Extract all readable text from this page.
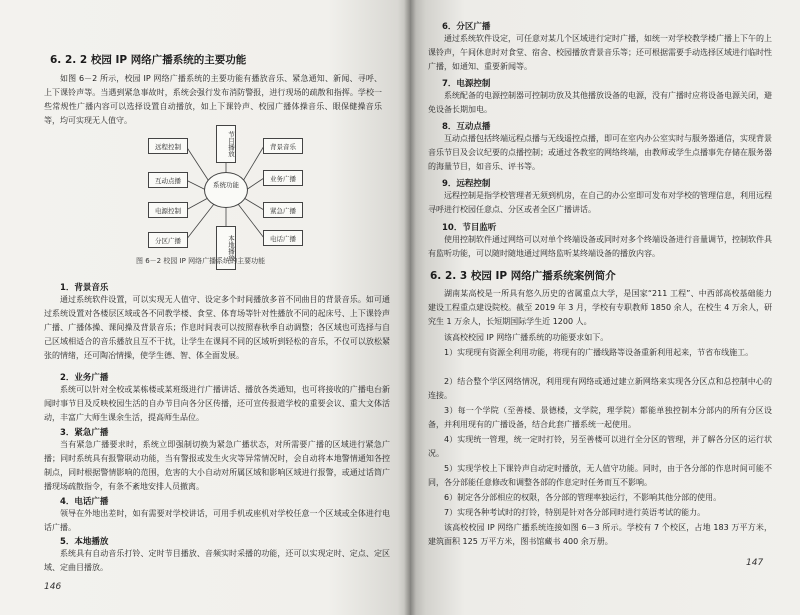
6. 2. 2 校园 IP 网络广播系统的主要功能
如图 6－2 所示，校园 IP 网络广播系统的主要功能有播放音乐、紧急通知、新闻、寻呼、上下课铃声等。当遇到紧急事故时，系统会强行发布消防警报，进行现场的疏散和指挥。学校一些常规性广播内容可以选择设置自动播放，如上下课铃声、校园广播体操音乐、眼保健操音乐等，均可实现无人值守。
系统功能
节目播放
本地播放
远程控制
互动点播
电源控制
分区广播
背景音乐
业务广播
紧急广播
电话广播
图 6－2 校园 IP 网络广播系统的主要功能
1．背景音乐
通过系统软件设置，可以实现无人值守、设定多个时间播放多首不同曲目的背景音乐。如可通过系统设置对各楼层区域或各不同教学楼、食堂、体育场等针对性播放不同的起床号、上下课铃声广播、广播体操、课间操及背景音乐；作息时间表可以按照春秋季自动调整；各区域也可选择与自己区域相适合的音乐播放且互不干扰，让学生在课间不同的区域听到轻松的音乐，不仅可以放松紧张的情绪，还可陶冶情操，使学生德、智、体全面发展。
2．业务广播
系统可以针对全校或某栋楼或某班级进行广播讲话、播放各类通知，也可将接收的广播电台新闻时事节目及反映校园生活的自办节目向各分区传播，还可宣传报道学校的重要会议、重大文体活动，丰富广大师生课余生活，提高师生品位。
3．紧急广播
当有紧急广播要求时，系统立即强制切换为紧急广播状态，对所需要广播的区域进行紧急广播；同时系统具有报警联动功能，当有警报或发生火灾等异常情况时，会自动将本地警情通知各控制点，同时根据警情影响的范围，危害的大小自动对所属区域和影响区域进行报警，或通过话筒广播现场疏散指令，有条不紊地安排人员撤离。
4．电话广播
领导在外地出差时，如有需要对学校讲话，可用手机或座机对学校任意一个区域或全体进行电话广播。
5．本地播放
系统具有自动音乐打铃、定时节目播放、音频实时采播的功能，还可以实现定时、定点、定区域、定曲目播放。
146
6．分区广播
通过系统软件设定，可任意对某几个区域进行定时广播，如统一对学校教学楼广播上下午的上课铃声，午间休息时对食堂、宿舍、校园播放背景音乐等；还可根据需要手动选择区域进行临时性广播，如通知、重要新闻等。
7．电源控制
系统配备的电源控制器可控制功放及其他播放设备的电源，没有广播时应将设备电源关闭，避免设备长期加电。
8．互动点播
互动点播包括终端远程点播与无线遥控点播，即可在室内办公室实时与服务器通信，实现背景音乐节目及会议纪要的点播控制；或通过各教室的网络终端，由教师或学生点播事先存储在服务器的海量节目，如音乐、评书等。
9．远程控制
远程控制是指学校管理者无须到机房，在自己的办公室即可发布对学校的管理信息，利用远程寻呼进行校园任意点、分区或者全区广播讲话。
10．节目监听
使用控制软件通过网络可以对单个终端设备或同时对多个终端设备进行音量调节，控制软件具有监听功能，可以随时随地通过网络监听某终端设备的播放内容。
6. 2. 3 校园 IP 网络广播系统案例简介
湖南某高校是一所具有悠久历史的省属重点大学，是国家“211 工程”、中西部高校基础能力建设工程重点建设院校。截至 2019 年 3 月，学校有专职教师 1850 余人，在校生 4 万余人，研究生 1 万余人，长短期国际学生近 1200 人。
该高校校园 IP 网络广播系统的功能要求如下。
1）实现现有资源全利用功能，将现有的广播线路等设备重新利用起来，节省布线施工。
2）结合整个学区网络情况，利用现有网络或通过建立新网络来实现各分区点和总控制中心的连接。
3）每一个学院（至善楼、景德楼，文学院，理学院）都能单独控制本分部内的所有分区设备，并利用现有的广播设备，结合此套广播系统一起使用。
4）实现统一管理，统一定时打铃，另至善楼可以进行全分区的管理，并了解各分区的运行状况。
5）实现学校上下课铃声自动定时播放，无人值守功能。同时，由于各分部的作息时间可能不同，各分部能任意修改和调整各部的作息定时任务而互不影响。
6）制定各分部相应的权限，各分部的管理率独运行，不影响其他分部的使用。
7）实现各种考试时的打铃，特别是针对各分部同时进行英语考试的能力。
该高校校园 IP 网络广播系统连接如图 6－3 所示。学校有 7 个校区，占地 183 万平方米，建筑面积 125 万平方米，图书馆藏书 400 余万册。
147
